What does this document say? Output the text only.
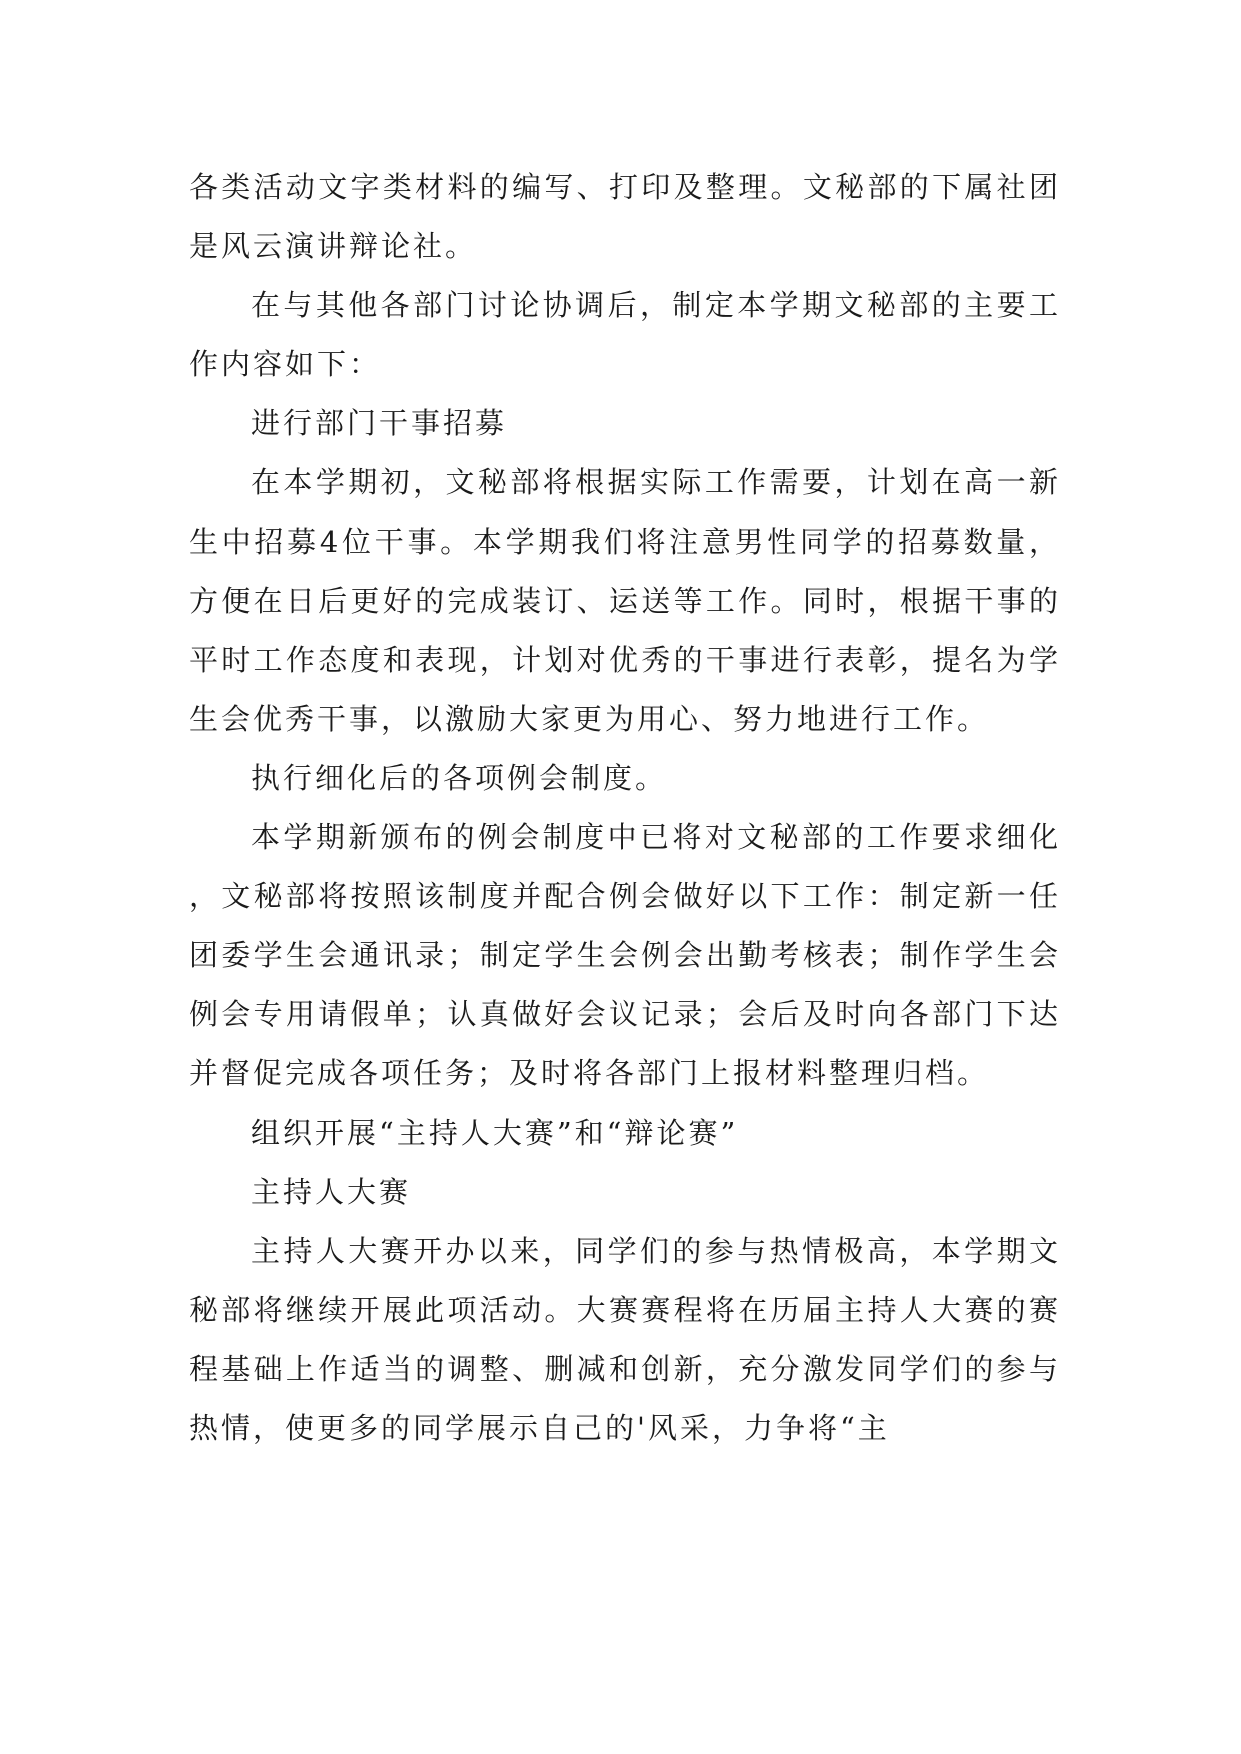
各类活动文字类材料的编写、打印及整理。文秘部的下属社团是风云演讲辩论社。

在与其他各部门讨论协调后，制定本学期文秘部的主要工作内容如下：

进行部门干事招募

在本学期初，文秘部将根据实际工作需要，计划在高一新生中招募4位干事。本学期我们将注意男性同学的招募数量，方便在日后更好的完成装订、运送等工作。同时，根据干事的平时工作态度和表现，计划对优秀的干事进行表彰，提名为学生会优秀干事，以激励大家更为用心、努力地进行工作。

执行细化后的各项例会制度。

本学期新颁布的例会制度中已将对文秘部的工作要求细化，文秘部将按照该制度并配合例会做好以下工作：制定新一任团委学生会通讯录；制定学生会例会出勤考核表；制作学生会例会专用请假单；认真做好会议记录；会后及时向各部门下达并督促完成各项任务；及时将各部门上报材料整理归档。

组织开展“主持人大赛”和“辩论赛”

主持人大赛

主持人大赛开办以来，同学们的参与热情极高，本学期文秘部将继续开展此项活动。大赛赛程将在历届主持人大赛的赛程基础上作适当的调整、删减和创新，充分激发同学们的参与热情，使更多的同学展示自己的'风采，力争将“主
